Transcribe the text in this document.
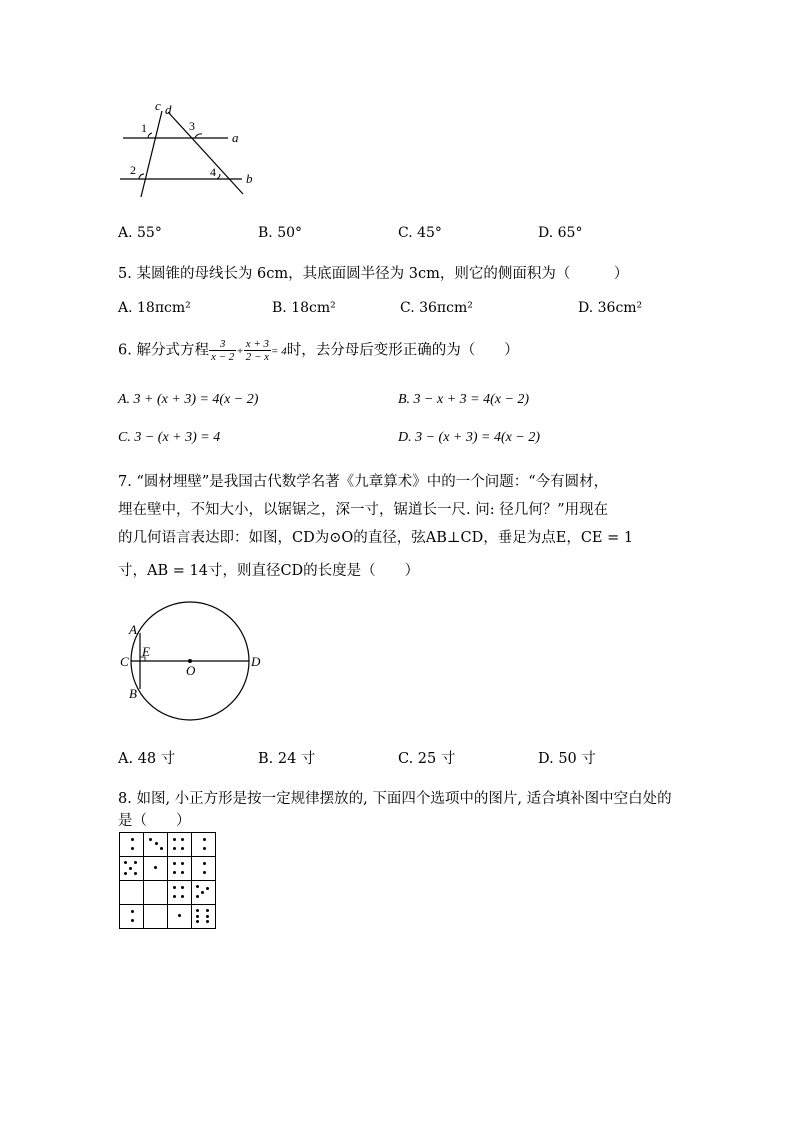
c d
1
2
3
4
a
b
A. 55°	B. 50°	C. 45°	D. 65°
5. 某圆锥的母线长为 6cm，其底面圆半径为 3cm，则它的侧面积为（　　　）
A. 18πcm²	B. 18cm²	C. 36πcm²	D. 36cm²
6. 解分式方程 $\frac{3}{x - 2} + \frac{x + 3}{2 - x} = 4$时，去分母后变形正确的为（　　）
A. 3 + (x + 3) = 4(x − 2)	B. 3 − x + 3 = 4(x − 2)
C. 3 − (x + 3) = 4	D. 3 − (x + 3) = 4(x − 2)
7. “圆材埋壁”是我国古代数学名著《九章算术》中的一个问题：“今有圆材，
埋在壁中，不知大小，以锯锯之，深一寸，锯道长一尺. 问: 径几何？”用现在
的几何语言表达即：如图，CD为⊙O的直径，弦AB⊥CD，垂足为点E，CE = 1
寸，AB = 14寸，则直径CD的长度是（　　）
A
B
C	D
E
O
A. 48 寸	B. 24 寸	C. 25 寸	D. 50 寸
8. 如图, 小正方形是按一定规律摆放的, 下面四个选项中的图片, 适合填补图中空白处的
是（　　）
